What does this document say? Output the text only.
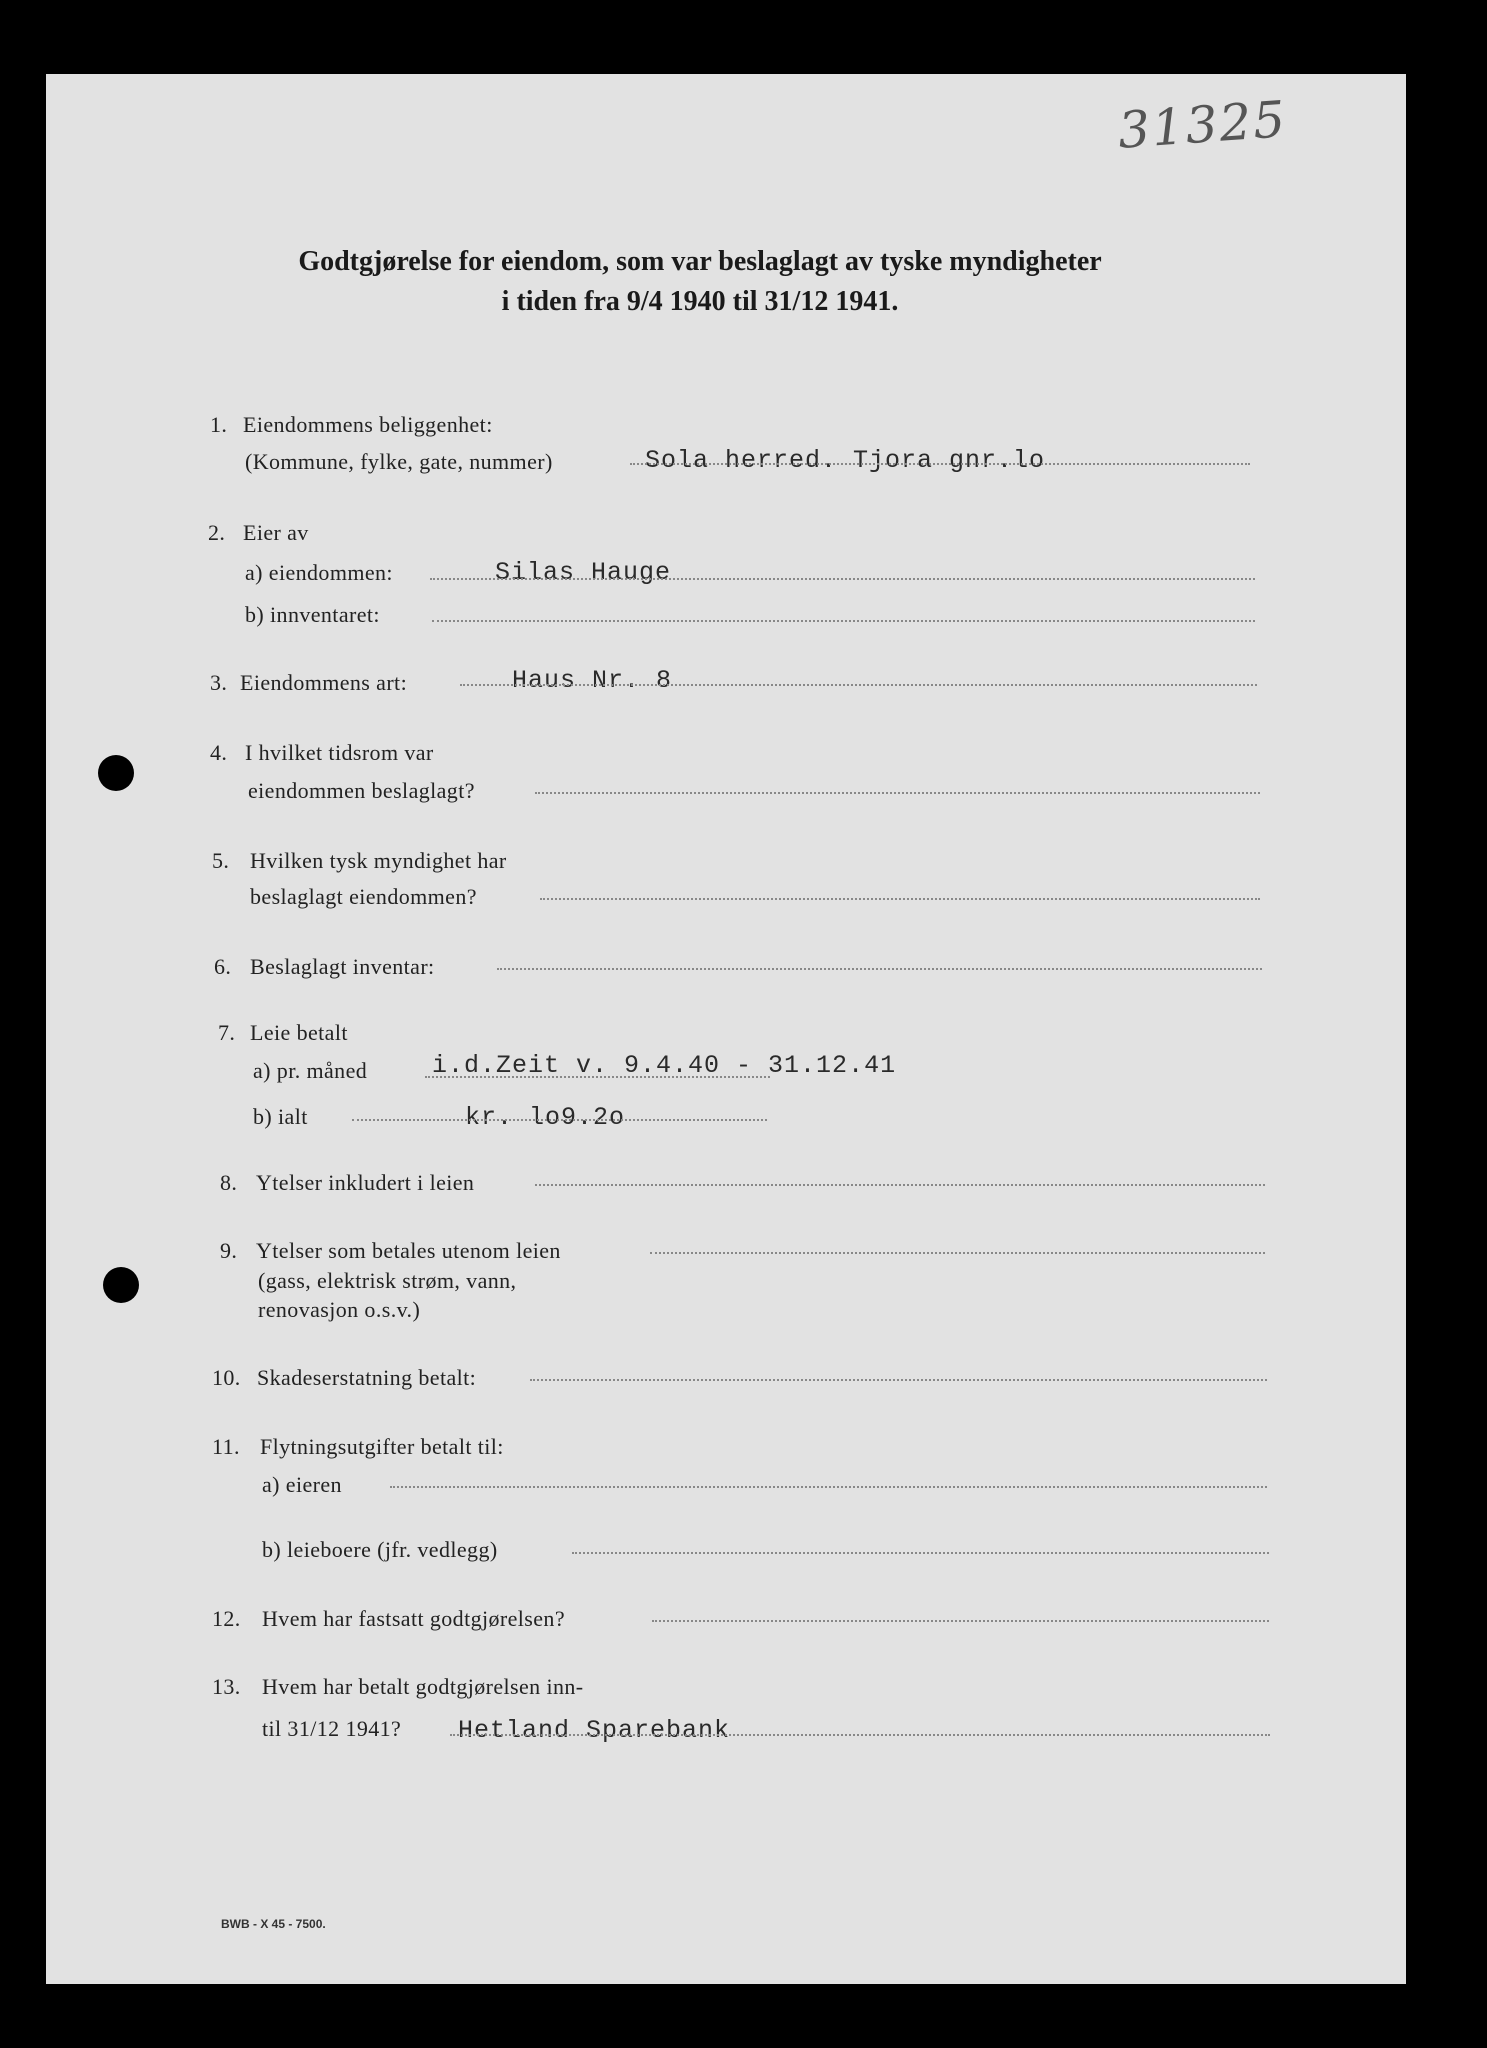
31325
Godtgjørelse for eiendom, som var beslaglagt av tyske myndigheter
i tiden fra 9/4 1940 til 31/12 1941.
1. Eiendommens beliggenhet:
(Kommune, fylke, gate, nummer)	Sola herred. Tjora gnr.lo
2. Eier av
a) eiendommen:	Silas Hauge
b) innventaret:
3. Eiendommens art:	Haus Nr. 8
4. I hvilket tidsrom var
eiendommen beslaglagt?
5. Hvilken tysk myndighet har
beslaglagt eiendommen?
6. Beslaglagt inventar:
7. Leie betalt
a) pr. måned	i.d.Zeit v. 9.4.40 - 31.12.41
b) ialt	kr. lo9.2o
8. Ytelser inkludert i leien
9. Ytelser som betales utenom leien
(gass, elektrisk strøm, vann,
renovasjon o.s.v.)
10. Skadeserstatning betalt:
11. Flytningsutgifter betalt til:
a) eieren
b) leieboere (jfr. vedlegg)
12. Hvem har fastsatt godtgjørelsen?
13. Hvem har betalt godtgjørelsen inn-
til 31/12 1941? Hetland Sparebank
BWB - X 45 - 7500.
